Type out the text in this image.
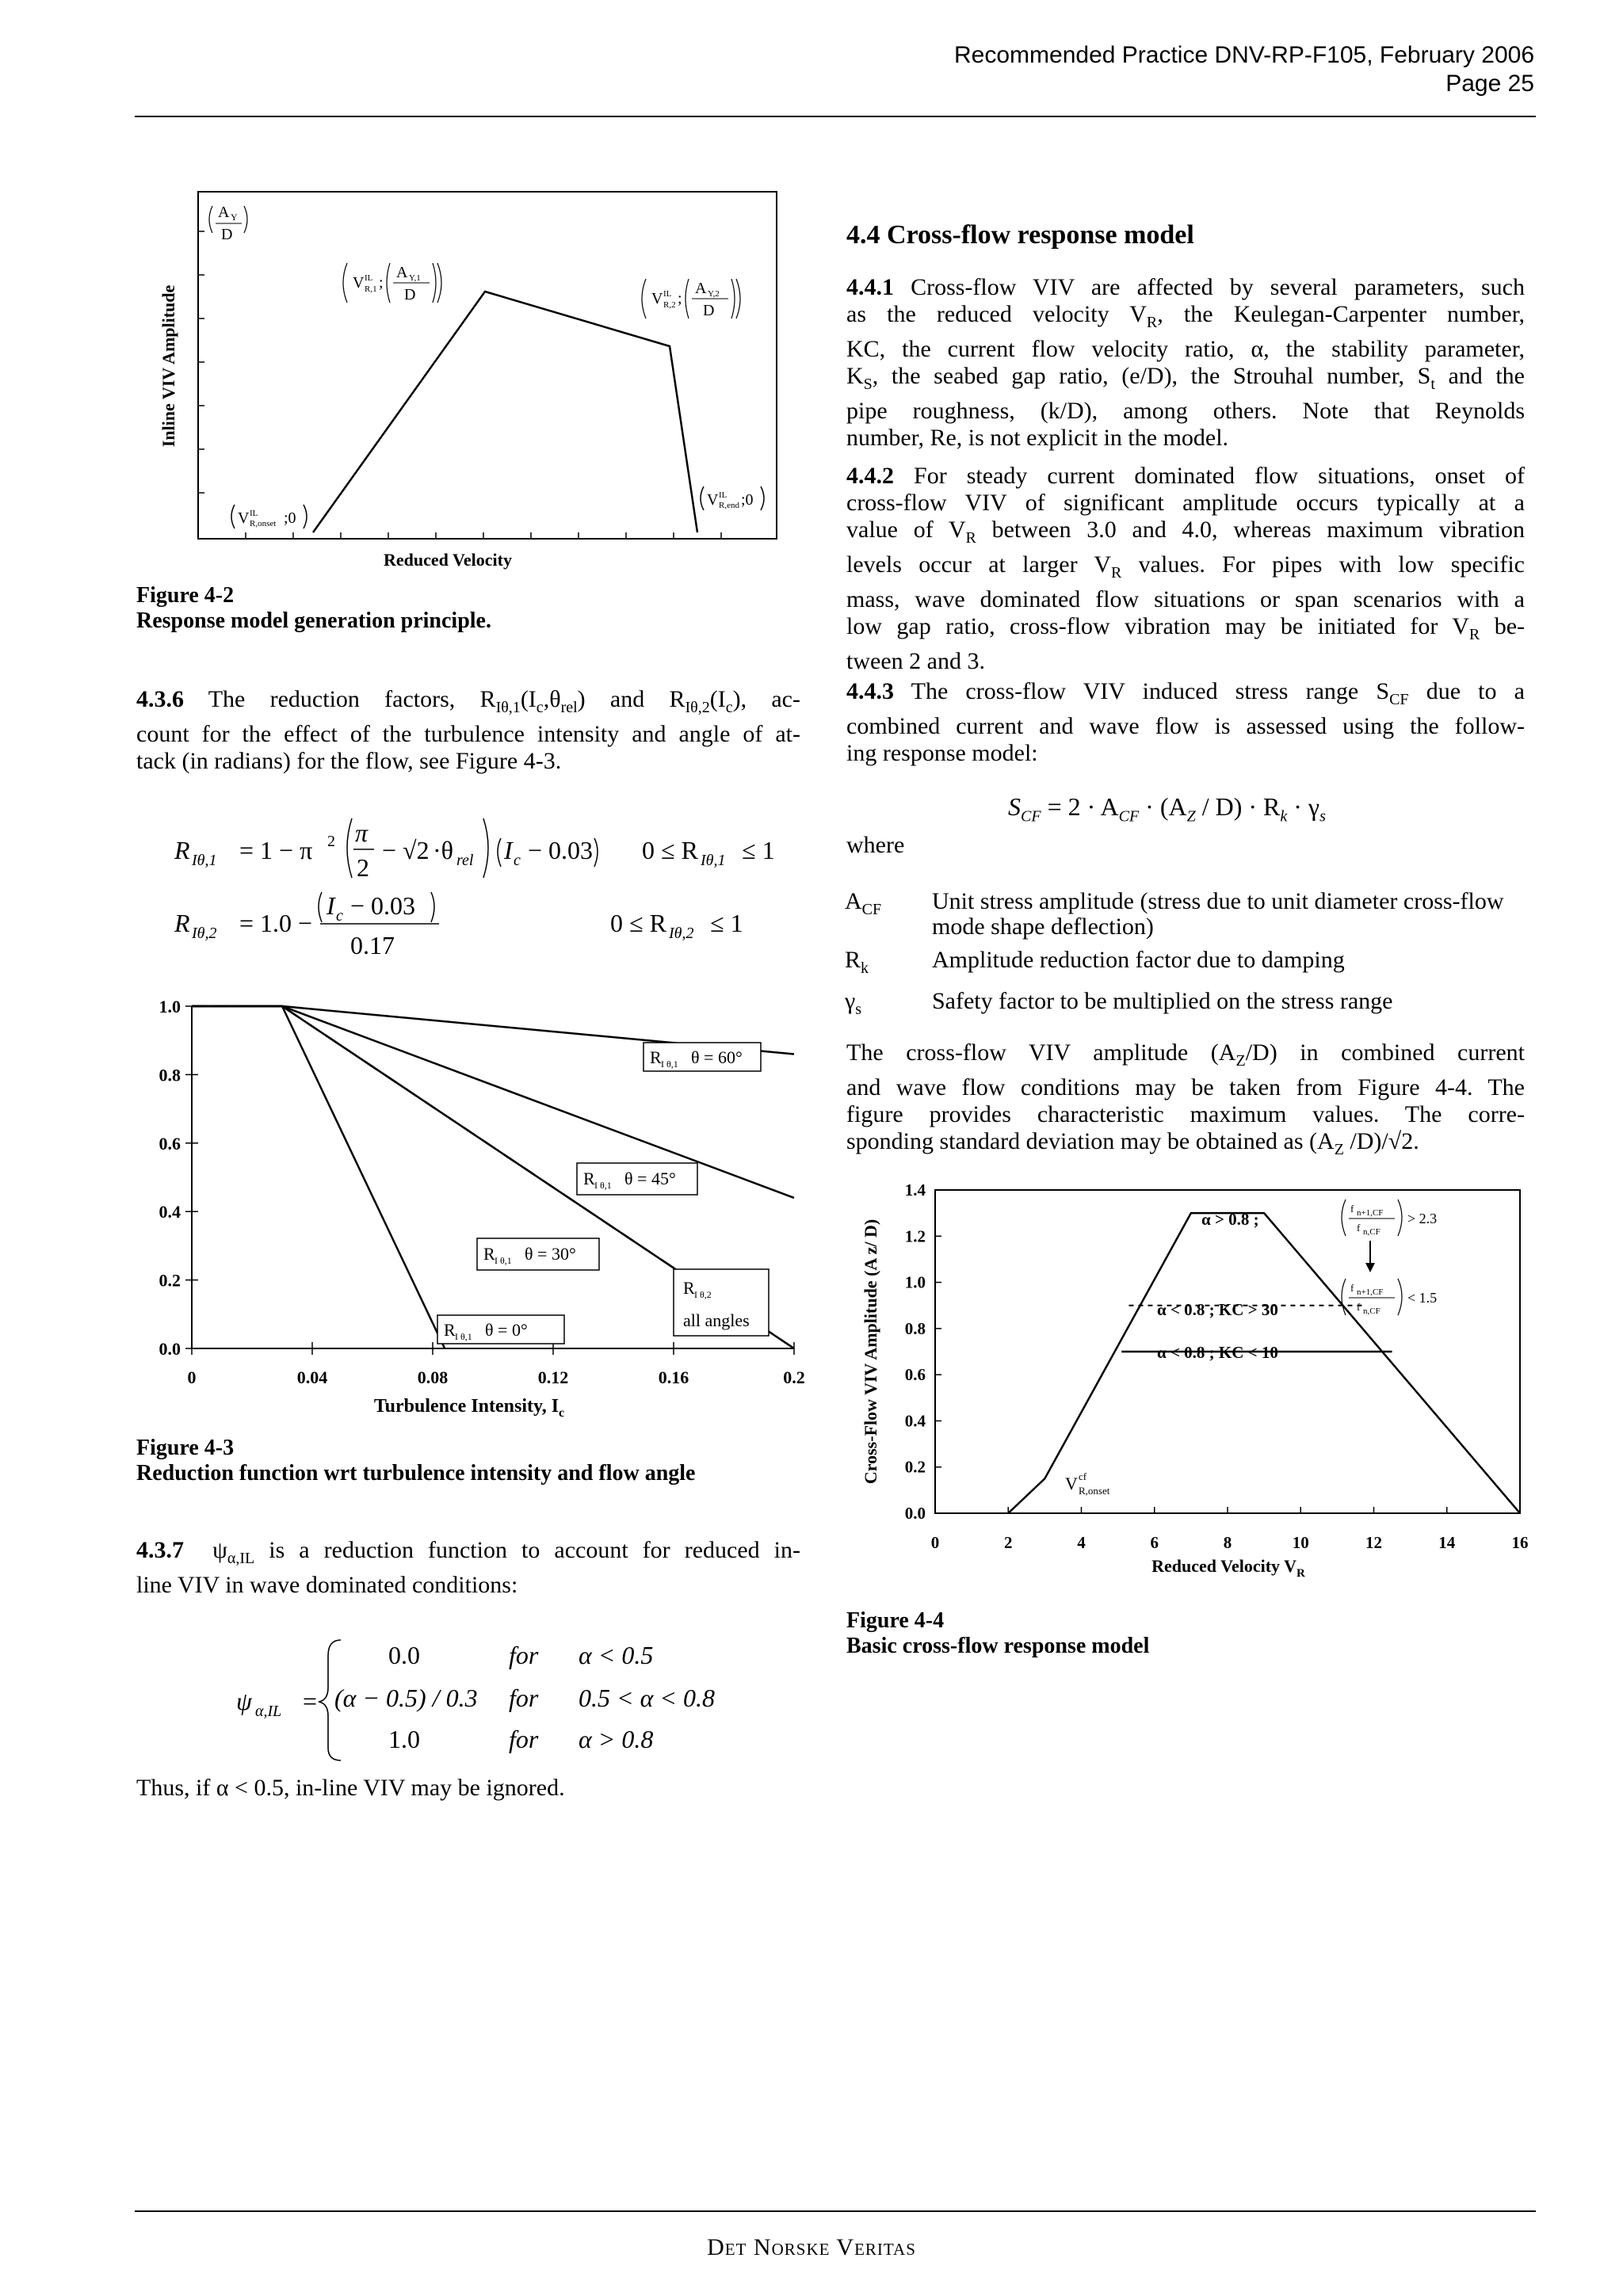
Recommended Practice DNV-RP-F105, February 2006
Page 25
Inline VIV Amplitude
Reduced Velocity
A Y
D
V IL
R,1 ;
A Y,1
D	V IL
R,2 ;
A Y,2
D
V IL
R,onset ;0
V IL
R,end ;0
Figure 4-2
Response model generation principle.
4.3.6 The reduction factors, $R_{I\theta,1}(I_c,\theta_{rel})$ and $R_{I\theta,2}(I_c)$, ac-
count for the effect of the turbulence intensity and angle of at-
tack (in radians) for the flow, see Figure 4-3.
R Iθ,1 = 1 − π 2 π
2
− √2 ·θ rel I c − 0.03 0 ≤ R Iθ,1 ≤ 1
R Iθ,2 = 1.0 −
I c − 0.03
0.17
0 ≤ R Iθ,2 ≤ 1
0.0
0.2
0.4
0.6
0.8
1.0
0	0.04	0.08	0.12	0.16	0.2
R I θ,1 θ = 60°
R I θ,1 θ = 45°
R I θ,1 θ = 30°
R I θ,1 θ = 0°
R I θ,2
all angles
Turbulence Intensity, $I_c$
Figure 4-3
Reduction function wrt turbulence intensity and flow angle
4.3.7 $\psi_{\alpha,IL}$ is a reduction function to account for reduced in-
line VIV in wave dominated conditions:
ψ α,IL =
0.0	for α < 0.5
(α − 0.5) / 0.3 for 0.5 < α < 0.8
1.0	for α > 0.8
Thus, if α < 0.5, in-line VIV may be ignored.
4.4 Cross-flow response model
4.4.1 Cross-flow VIV are affected by several parameters, such
as the reduced velocity $V_R$, the Keulegan-Carpenter number,
KC, the current flow velocity ratio, α, the stability parameter,
$K_S$, the seabed gap ratio, (e/D), the Strouhal number, $S_t$ and the
pipe roughness, (k/D), among others. Note that Reynolds
number, Re, is not explicit in the model.
4.4.2 For steady current dominated flow situations, onset of
cross-flow VIV of significant amplitude occurs typically at a
value of $V_R$ between 3.0 and 4.0, whereas maximum vibration
levels occur at larger $V_R$ values. For pipes with low specific
mass, wave dominated flow situations or span scenarios with a
low gap ratio, cross-flow vibration may be initiated for $V_R$ be-
tween 2 and 3.
4.4.3 The cross-flow VIV induced stress range $S_{CF}$ due to a
combined current and wave flow is assessed using the follow-
ing response model:
$S_{CF} = 2 \cdot A_{CF} \cdot (A_Z / D) \cdot R_k \cdot \gamma_s$
where
$A_{CF}$	Unit stress amplitude (stress due to unit diameter cross-flow mode shape deflection)
$R_k$	Amplitude reduction factor due to damping
$\gamma_s$	Safety factor to be multiplied on the stress range
The cross-flow VIV amplitude $(A_Z/D)$ in combined current
and wave flow conditions may be taken from Figure 4-4. The
figure provides characteristic maximum values. The corre-
sponding standard deviation may be obtained as ($A_Z$ /D)/√2.
0.0
0.2
0.4
0.6
0.8
1.0
1.2
1.4
0	2	4	6	8	10	12	14	16
Cross-Flow VIV Amplitude (A z/ D)
Reduced Velocity $V_R$
α > 0.8 ;
α < 0.8 ; KC > 30
α < 0.8 ; KC < 10
V cf
R,onset
f n+1,CF
f n,CF
> 2.3
f n+1,CF
f n,CF
< 1.5
Figure 4-4
Basic cross-flow response model
Det Norske Veritas
